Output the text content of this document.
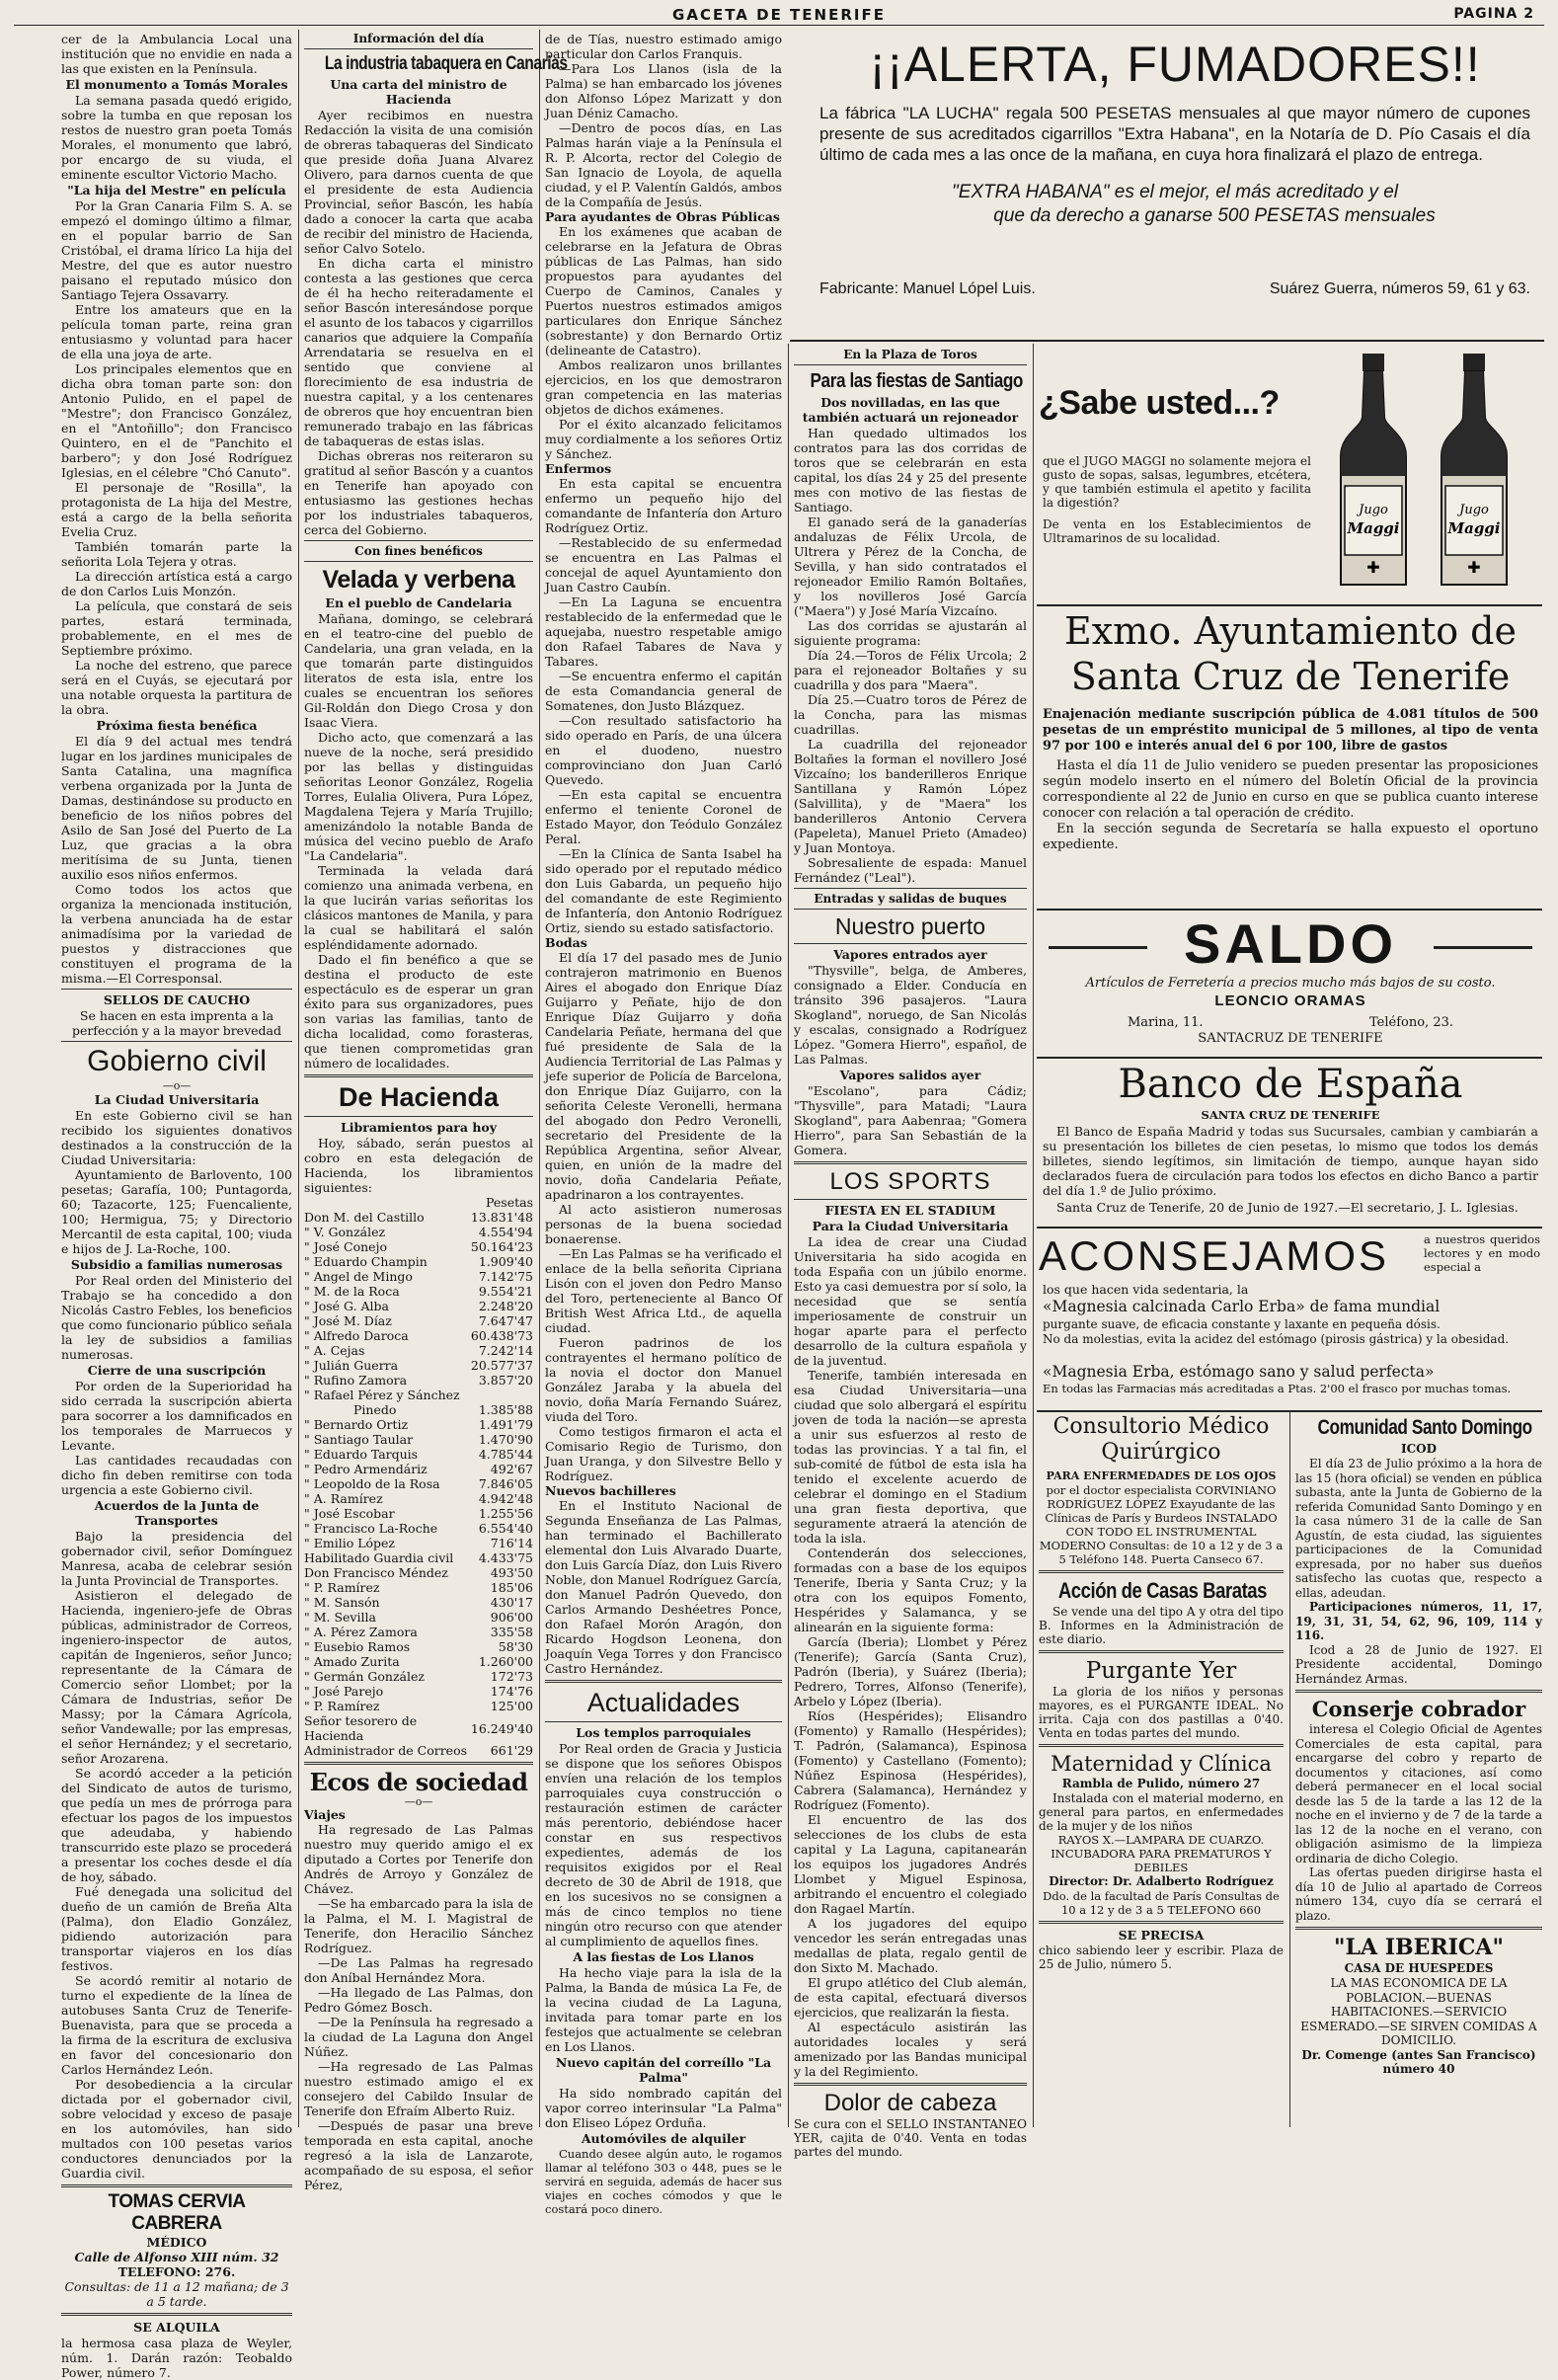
GACETA DE TENERIFE	PAGINA 2

cer de la Ambulancia Local una institución que no envidie en nada a las que existen en la Península.

El monumento a Tomás Morales

La semana pasada quedó erigido, sobre la tumba en que reposan los restos de nuestro gran poeta Tomás Morales, el monumento que labró, por encargo de su viuda, el eminente escultor Victorio Macho.

"La hija del Mestre" en película

Por la Gran Canaria Film S. A. se empezó el domingo último a filmar, en el popular barrio de San Cristóbal, el drama lírico La hija del Mestre, del que es autor nuestro paisano el reputado músico don Santiago Tejera Ossavarry.

Entre los amateurs que en la película toman parte, reina gran entusiasmo y voluntad para hacer de ella una joya de arte.

Los principales elementos que en dicha obra toman parte son: don Antonio Pulido, en el papel de "Mestre"; don Francisco González, en el "Antoñillo"; don Francisco Quintero, en el de "Panchito el barbero"; y don José Rodríguez Iglesias, en el célebre "Chó Canuto".

El personaje de "Rosilla", la protagonista de La hija del Mestre, está a cargo de la bella señorita Evelia Cruz.

También tomarán parte la señorita Lola Tejera y otras.

La dirección artística está a cargo de don Carlos Luis Monzón.

La película, que constará de seis partes, estará terminada, probablemente, en el mes de Septiembre próximo.

La noche del estreno, que parece será en el Cuyás, se ejecutará por una notable orquesta la partitura de la obra.

Próxima fiesta benéfica

El día 9 del actual mes tendrá lugar en los jardines municipales de Santa Catalina, una magnífica verbena organizada por la Junta de Damas, destinándose su producto en beneficio de los niños pobres del Asilo de San José del Puerto de La Luz, que gracias a la obra meritísima de su Junta, tienen auxilio esos niños enfermos.

Como todos los actos que organiza la mencionada institución, la verbena anunciada ha de estar animadísima por la variedad de puestos y distracciones que constituyen el programa de la misma.—El Corresponsal.

SELLOS DE CAUCHO

Se hacen en esta imprenta a la perfección y a la mayor brevedad

Gobierno civil
—o—
La Ciudad Universitaria

En este Gobierno civil se han recibido los siguientes donativos destinados a la construcción de la Ciudad Universitaria:

Ayuntamiento de Barlovento, 100 pesetas; Garafía, 100; Puntagorda, 60; Tazacorte, 125; Fuencaliente, 100; Hermigua, 75; y Directorio Mercantil de esta capital, 100; viuda e hijos de J. La-Roche, 100.

Subsidio a familias numerosas

Por Real orden del Ministerio del Trabajo se ha concedido a don Nicolás Castro Febles, los beneficios que como funcionario público señala la ley de subsidios a familias numerosas.

Cierre de una suscripción

Por orden de la Superioridad ha sido cerrada la suscripción abierta para socorrer a los damnificados en los temporales de Marruecos y Levante.

Las cantidades recaudadas con dicho fin deben remitirse con toda urgencia a este Gobierno civil.

Acuerdos de la Junta de Transportes

Bajo la presidencia del gobernador civil, señor Domínguez Manresa, acaba de celebrar sesión la Junta Provincial de Transportes.

Asistieron el delegado de Hacienda, ingeniero-jefe de Obras públicas, administrador de Correos, ingeniero-inspector de autos, capitán de Ingenieros, señor Junco; representante de la Cámara de Comercio señor Llombet; por la Cámara de Industrias, señor De Massy; por la Cámara Agrícola, señor Vandewalle; por las empresas, el señor Hernández; y el secretario, señor Arozarena.

Se acordó acceder a la petición del Sindicato de autos de turismo, que pedía un mes de prórroga para efectuar los pagos de los impuestos que adeudaba, y habiendo transcurrido este plazo se procederá a presentar los coches desde el día de hoy, sábado.

Fué denegada una solicitud del dueño de un camión de Breña Alta (Palma), don Eladio González, pidiendo autorización para transportar viajeros en los días festivos.

Se acordó remitir al notario de turno el expediente de la línea de autobuses Santa Cruz de Tenerife-Buenavista, para que se proceda a la firma de la escritura de exclusiva en favor del concesionario don Carlos Hernández León.

Por desobediencia a la circular dictada por el gobernador civil, sobre velocidad y exceso de pasaje en los automóviles, han sido multados con 100 pesetas varios conductores denunciados por la Guardia civil.

TOMAS CERVIA CABRERA
MÉDICO
Calle de Alfonso XIII núm. 32
TELEFONO: 276.
Consultas: de 11 a 12 mañana; de 3 a 5 tarde.
SE ALQUILA

la hermosa casa plaza de Weyler, núm. 1. Darán razón: Teobaldo Power, número 7.

Información del día
La industria tabaquera en Canarias
Una carta del ministro de Hacienda

Ayer recibimos en nuestra Redacción la visita de una comisión de obreras tabaqueras del Sindicato que preside doña Juana Alvarez Olivero, para darnos cuenta de que el presidente de esta Audiencia Provincial, señor Bascón, les había dado a conocer la carta que acaba de recibir del ministro de Hacienda, señor Calvo Sotelo.

En dicha carta el ministro contesta a las gestiones que cerca de él ha hecho reiteradamente el señor Bascón interesándose porque el asunto de los tabacos y cigarrillos canarios que adquiere la Compañía Arrendataria se resuelva en el sentido que conviene al florecimiento de esa industria de nuestra capital, y a los centenares de obreros que hoy encuentran bien remunerado trabajo en las fábricas de tabaqueras de estas islas.

Dichas obreras nos reiteraron su gratitud al señor Bascón y a cuantos en Tenerife han apoyado con entusiasmo las gestiones hechas por los industriales tabaqueros, cerca del Gobierno.

Con fines benéficos
Velada y verbena
En el pueblo de Candelaria

Mañana, domingo, se celebrará en el teatro-cine del pueblo de Candelaria, una gran velada, en la que tomarán parte distinguidos literatos de esta isla, entre los cuales se encuentran los señores Gil-Roldán don Diego Crosa y don Isaac Viera.

Dicho acto, que comenzará a las nueve de la noche, será presidido por las bellas y distinguidas señoritas Leonor González, Rogelia Torres, Eulalia Olivera, Pura López, Magdalena Tejera y María Trujillo; amenizándolo la notable Banda de música del vecino pueblo de Arafo "La Candelaria".

Terminada la velada dará comienzo una animada verbena, en la que lucirán varias señoritas los clásicos mantones de Manila, y para la cual se habilitará el salón espléndidamente adornado.

Dado el fin benéfico a que se destina el producto de este espectáculo es de esperar un gran éxito para sus organizadores, pues son varias las familias, tanto de dicha localidad, como forasteras, que tienen comprometidas gran número de localidades.

De Hacienda
Libramientos para hoy

Hoy, sábado, serán puestos al cobro en esta delegación de Hacienda, los libramientos siguientes:

Pesetas
Don M. del Castillo	13.831'48
" V. González	4.554'94
" José Conejo	50.164'23
" Eduardo Champin	1.909'40
" Angel de Mingo	7.142'75
" M. de la Roca	9.554'21
" José G. Alba	2.248'20
" José M. Díaz	7.647'47
" Alfredo Daroca	60.438'73
" A. Cejas	7.242'14
" Julián Guerra	20.577'37
" Rufino Zamora	3.857'20
" Rafael Pérez y Sánchez	
Pinedo	1.385'88
" Bernardo Ortiz	1.491'79
" Santiago Taular	1.470'90
" Eduardo Tarquis	4.785'44
" Pedro Armendáriz	492'67
" Leopoldo de la Rosa	7.846'05
" A. Ramírez	4.942'48
" José Escobar	1.255'56
" Francisco La-Roche	6.554'40
" Emilio López	716'14
Habilitado Guardia civil	4.433'75
Don Francisco Méndez	493'50
" P. Ramírez	185'06
" M. Sansón	430'17
" M. Sevilla	906'00
" A. Pérez Zamora	335'58
" Eusebio Ramos	58'30
" Amado Zurita	1.260'00
" Germán González	172'73
" José Parejo	174'76
" P. Ramírez	125'00
Señor tesorero de Hacienda	16.249'40
Administrador de Correos	661'29
Ecos de sociedad
—o—
Viajes

Ha regresado de Las Palmas nuestro muy querido amigo el ex diputado a Cortes por Tenerife don Andrés de Arroyo y González de Chávez.

—Se ha embarcado para la isla de la Palma, el M. I. Magistral de Tenerife, don Heracilio Sánchez Rodríguez.

—De Las Palmas ha regresado don Aníbal Hernández Mora.

—Ha llegado de Las Palmas, don Pedro Gómez Bosch.

—De la Península ha regresado a la ciudad de La Laguna don Angel Núñez.

—Ha regresado de Las Palmas nuestro estimado amigo el ex consejero del Cabildo Insular de Tenerife don Efraím Alberto Ruiz.

—Después de pasar una breve temporada en esta capital, anoche regresó a la isla de Lanzarote, acompañado de su esposa, el señor Pérez,

de de Tías, nuestro estimado amigo particular don Carlos Franquis.

—Para Los Llanos (isla de la Palma) se han embarcado los jóvenes don Alfonso López Marizatt y don Juan Déniz Camacho.

—Dentro de pocos días, en Las Palmas harán viaje a la Península el R. P. Alcorta, rector del Colegio de San Ignacio de Loyola, de aquella ciudad, y el P. Valentín Galdós, ambos de la Compañía de Jesús.

Para ayudantes de Obras Públicas

En los exámenes que acaban de celebrarse en la Jefatura de Obras públicas de Las Palmas, han sido propuestos para ayudantes del Cuerpo de Caminos, Canales y Puertos nuestros estimados amigos particulares don Enrique Sánchez (sobrestante) y don Bernardo Ortiz (delineante de Catastro).

Ambos realizaron unos brillantes ejercicios, en los que demostraron gran competencia en las materias objetos de dichos exámenes.

Por el éxito alcanzado felicitamos muy cordialmente a los señores Ortiz y Sánchez.

Enfermos

En esta capital se encuentra enfermo un pequeño hijo del comandante de Infantería don Arturo Rodríguez Ortiz.

—Restablecido de su enfermedad se encuentra en Las Palmas el concejal de aquel Ayuntamiento don Juan Castro Caubín.

—En La Laguna se encuentra restablecido de la enfermedad que le aquejaba, nuestro respetable amigo don Rafael Tabares de Nava y Tabares.

—Se encuentra enfermo el capitán de esta Comandancia general de Somatenes, don Justo Blázquez.

—Con resultado satisfactorio ha sido operado en París, de una úlcera en el duodeno, nuestro comprovinciano don Juan Carló Quevedo.

—En esta capital se encuentra enfermo el teniente Coronel de Estado Mayor, don Teódulo González Peral.

—En la Clínica de Santa Isabel ha sido operado por el reputado médico don Luis Gabarda, un pequeño hijo del comandante de este Regimiento de Infantería, don Antonio Rodríguez Ortiz, siendo su estado satisfactorio.

Bodas

El día 17 del pasado mes de Junio contrajeron matrimonio en Buenos Aires el abogado don Enrique Díaz Guijarro y Peñate, hijo de don Enrique Díaz Guijarro y doña Candelaria Peñate, hermana del que fué presidente de Sala de la Audiencia Territorial de Las Palmas y jefe superior de Policía de Barcelona, don Enrique Díaz Guijarro, con la señorita Celeste Veronelli, hermana del abogado don Pedro Veronelli, secretario del Presidente de la República Argentina, señor Alvear, quien, en unión de la madre del novio, doña Candelaria Peñate, apadrinaron a los contrayentes.

Al acto asistieron numerosas personas de la buena sociedad bonaerense.

—En Las Palmas se ha verificado el enlace de la bella señorita Cipriana Lisón con el joven don Pedro Manso del Toro, perteneciente al Banco Of British West Africa Ltd., de aquella ciudad.

Fueron padrinos de los contrayentes el hermano político de la novia el doctor don Manuel González Jaraba y la abuela del novio, doña María Fernando Suárez, viuda del Toro.

Como testigos firmaron el acta el Comisario Regio de Turismo, don Juan Uranga, y don Silvestre Bello y Rodríguez.

Nuevos bachilleres

En el Instituto Nacional de Segunda Enseñanza de Las Palmas, han terminado el Bachillerato elemental don Luis Alvarado Duarte, don Luis García Díaz, don Luis Rivero Noble, don Manuel Rodríguez García, don Manuel Padrón Quevedo, don Carlos Armando Deshéetres Ponce, don Rafael Morón Aragón, don Ricardo Hogdson Leonena, don Joaquín Vega Torres y don Francisco Castro Hernández.

Actualidades
Los templos parroquiales

Por Real orden de Gracia y Justicia se dispone que los señores Obispos envíen una relación de los templos parroquiales cuya construcción o restauración estimen de carácter más perentorio, debiéndose hacer constar en sus respectivos expedientes, además de los requisitos exigidos por el Real decreto de 30 de Abril de 1918, que en los sucesivos no se consignen a más de cinco templos no tiene ningún otro recurso con que atender al cumplimiento de aquellos fines.

A las fiestas de Los Llanos

Ha hecho viaje para la isla de la Palma, la Banda de música La Fe, de la vecina ciudad de La Laguna, invitada para tomar parte en los festejos que actualmente se celebran en Los Llanos.

Nuevo capitán del correíllo "La Palma"

Ha sido nombrado capitán del vapor correo interinsular "La Palma" don Eliseo López Orduña.

Automóviles de alquiler

Cuando desee algún auto, le rogamos llamar al teléfono 303 o 448, pues se le servirá en seguida, además de hacer sus viajes en coches cómodos y que le costará poco dinero.

¡¡ALERTA, FUMADORES!!

La fábrica "LA LUCHA" regala 500 PESETAS mensuales al que mayor número de cupones presente de sus acreditados cigarrillos "Extra Habana", en la Notaría de D. Pío Casais el día último de cada mes a las once de la mañana, en cuya hora finalizará el plazo de entrega.

"EXTRA HABANA" es el mejor, el más acreditado y el
que da derecho a ganarse 500 PESETAS mensuales
Fabricante: Manuel Lópel Luis.	Suárez Guerra, números 59, 61 y 63.
En la Plaza de Toros
Para las fiestas de Santiago
Dos novilladas, en las que también actuará un rejoneador

Han quedado ultimados los contratos para las dos corridas de toros que se celebrarán en esta capital, los días 24 y 25 del presente mes con motivo de las fiestas de Santiago.

El ganado será de la ganaderías andaluzas de Félix Urcola, de Ultrera y Pérez de la Concha, de Sevilla, y han sido contratados el rejoneador Emilio Ramón Boltañes, y los novilleros José García ("Maera") y José María Vizcaíno.

Las dos corridas se ajustarán al siguiente programa:

Día 24.—Toros de Félix Urcola; 2 para el rejoneador Boltañes y su cuadrilla y dos para "Maera".

Día 25.—Cuatro toros de Pérez de la Concha, para las mismas cuadrillas.

La cuadrilla del rejoneador Boltañes la forman el novillero José Vizcaíno; los banderilleros Enrique Santillana y Ramón López (Salvillita), y de "Maera" los banderilleros Antonio Cervera (Papeleta), Manuel Prieto (Amadeo) y Juan Montoya.

Sobresaliente de espada: Manuel Fernández ("Leal").

Entradas y salidas de buques
Nuestro puerto
Vapores entrados ayer

"Thysville", belga, de Amberes, consignado a Elder. Conducía en tránsito 396 pasajeros. "Laura Skogland", noruego, de San Nicolás y escalas, consignado a Rodríguez López. "Gomera Hierro", español, de Las Palmas.

Vapores salidos ayer

"Escolano", para Cádiz; "Thysville", para Matadi; "Laura Skogland", para Aabenraa; "Gomera Hierro", para San Sebastián de la Gomera.

LOS SPORTS
FIESTA EN EL STADIUM
Para la Ciudad Universitaria

La idea de crear una Ciudad Universitaria ha sido acogida en toda España con un júbilo enorme. Esto ya casi demuestra por sí solo, la necesidad que se sentía imperiosamente de construir un hogar aparte para el perfecto desarrollo de la cultura española y de la juventud.

Tenerife, también interesada en esa Ciudad Universitaria—una ciudad que solo albergará el espíritu joven de toda la nación—se apresta a unir sus esfuerzos al resto de todas las provincias. Y a tal fin, el sub-comité de fútbol de esta isla ha tenido el excelente acuerdo de celebrar el domingo en el Stadium una gran fiesta deportiva, que seguramente atraerá la atención de toda la isla.

Contenderán dos selecciones, formadas con a base de los equipos Tenerife, Iberia y Santa Cruz; y la otra con los equipos Fomento, Hespérides y Salamanca, y se alinearán en la siguiente forma:

García (Iberia); Llombet y Pérez (Tenerife); García (Santa Cruz), Padrón (Iberia), y Suárez (Iberia); Pedrero, Torres, Alfonso (Tenerife), Arbelo y López (Iberia).

Ríos (Hespérides); Elisandro (Fomento) y Ramallo (Hespérides); T. Padrón, (Salamanca), Espinosa (Fomento) y Castellano (Fomento); Núñez Espinosa (Hespérides), Cabrera (Salamanca), Hernández y Rodríguez (Fomento).

El encuentro de las dos selecciones de los clubs de esta capital y La Laguna, capitanearán los equipos los jugadores Andrés Llombet y Miguel Espinosa, arbitrando el encuentro el colegiado don Ragael Martín.

A los jugadores del equipo vencedor les serán entregadas unas medallas de plata, regalo gentil de don Sixto M. Machado.

El grupo atlético del Club alemán, de esta capital, efectuará diversos ejercicios, que realizarán la fiesta.

Al espectáculo asistirán las autoridades locales y será amenizado por las Bandas municipal y la del Regimiento.

Dolor de cabeza

Se cura con el SELLO INSTANTANEO YER, cajita de 0'40. Venta en todas partes del mundo.

¿Sabe usted...?

que el JUGO MAGGI no solamente mejora el gusto de sopas, salsas, legumbres, etcétera, y que también estimula el apetito y facilita la digestión?

De venta en los Establecimientos de Ultramarinos de su localidad.

Jugo
Maggi
Jugo
Maggi
✚	✚
Exmo. Ayuntamiento de
Santa Cruz de Tenerife

Enajenación mediante suscripción pública de 4.081 títulos de 500 pesetas de un empréstito municipal de 5 millones, al tipo de venta 97 por 100 e interés anual del 6 por 100, libre de gastos

Hasta el día 11 de Julio venidero se pueden presentar las proposiciones según modelo inserto en el número del Boletín Oficial de la provincia correspondiente al 22 de Junio en curso en que se publica cuanto interese conocer con relación a tal operación de crédito.

En la sección segunda de Secretaría se halla expuesto el oportuno expediente.

SALDO
Artículos de Ferretería a precios mucho más bajos de su costo.
LEONCIO ORAMAS
Marina, 11.	Teléfono, 23.
SANTACRUZ DE TENERIFE
Banco de España
SANTA CRUZ DE TENERIFE

El Banco de España Madrid y todas sus Sucursales, cambian y cambiarán a su presentación los billetes de cien pesetas, lo mismo que todos los demás billetes, siendo legítimos, sin limitación de tiempo, aunque hayan sido declarados fuera de circulación para todos los efectos en dicho Banco a partir del día 1.º de Julio próximo.

Santa Cruz de Tenerife, 20 de Junio de 1927.—El secretario, J. L. Iglesias.

ACONSEJAMOS	a nuestros queridos lectores y en modo especial a

los que hacen vida sedentaria, la

«Magnesia calcinada Carlo Erba» de fama mundial

purgante suave, de eficacia constante y laxante en pequeña dósis.

No da molestias, evita la acidez del estómago (pirosis gástrica) y la obesidad.

«Magnesia Erba, estómago sano y salud perfecta»

En todas las Farmacias más acreditadas a Ptas. 2'00 el frasco por muchas tomas.

Consultorio Médico Quirúrgico
PARA ENFERMEDADES DE LOS OJOS

por el doctor especialista CORVINIANO RODRÍGUEZ LÓPEZ Exayudante de las Clínicas de París y Burdeos INSTALADO CON TODO EL INSTRUMENTAL MODERNO Consultas: de 10 a 12 y de 3 a 5 Teléfono 148. Puerta Canseco 67.

Acción de Casas Baratas

Se vende una del tipo A y otra del tipo B. Informes en la Administración de este diario.

Purgante Yer

La gloria de los niños y personas mayores, es el PURGANTE IDEAL. No irrita. Caja con dos pastillas a 0'40. Venta en todas partes del mundo.

Maternidad y Clínica
Rambla de Pulido, número 27

Instalada con el material moderno, en general para partos, en enfermedades de la mujer y de los niños

RAYOS X.—LAMPARA DE CUARZO. INCUBADORA PARA PREMATUROS Y DEBILES

Director: Dr. Adalberto Rodríguez

Ddo. de la facultad de París Consultas de 10 a 12 y de 3 a 5 TELEFONO 660

SE PRECISA

chico sabiendo leer y escribir. Plaza de 25 de Julio, número 5.

Comunidad Santo Domingo
ICOD

El día 23 de Julio próximo a la hora de las 15 (hora oficial) se venden en pública subasta, ante la Junta de Gobierno de la referida Comunidad Santo Domingo y en la casa número 31 de la calle de San Agustín, de esta ciudad, las siguientes participaciones de la Comunidad expresada, por no haber sus dueños satisfecho las cuotas que, respecto a ellas, adeudan.

Participaciones números, 11, 17, 19, 31, 31, 54, 62, 96, 109, 114 y 116.

Icod a 28 de Junio de 1927. El Presidente accidental, Domingo Hernández Armas.

Conserje cobrador

interesa el Colegio Oficial de Agentes Comerciales de esta capital, para encargarse del cobro y reparto de documentos y citaciones, así como deberá permanecer en el local social desde las 5 de la tarde a las 12 de la noche en el invierno y de 7 de la tarde a las 12 de la noche en el verano, con obligación asimismo de la limpieza ordinaria de dicho Colegio.

Las ofertas pueden dirigirse hasta el día 10 de Julio al apartado de Correos número 134, cuyo día se cerrará el plazo.

"LA IBERICA"
CASA DE HUESPEDES

LA MAS ECONOMICA DE LA POBLACION.—BUENAS HABITACIONES.—SERVICIO ESMERADO.—SE SIRVEN COMIDAS A DOMICILIO.

Dr. Comenge (antes San Francisco) número 40
